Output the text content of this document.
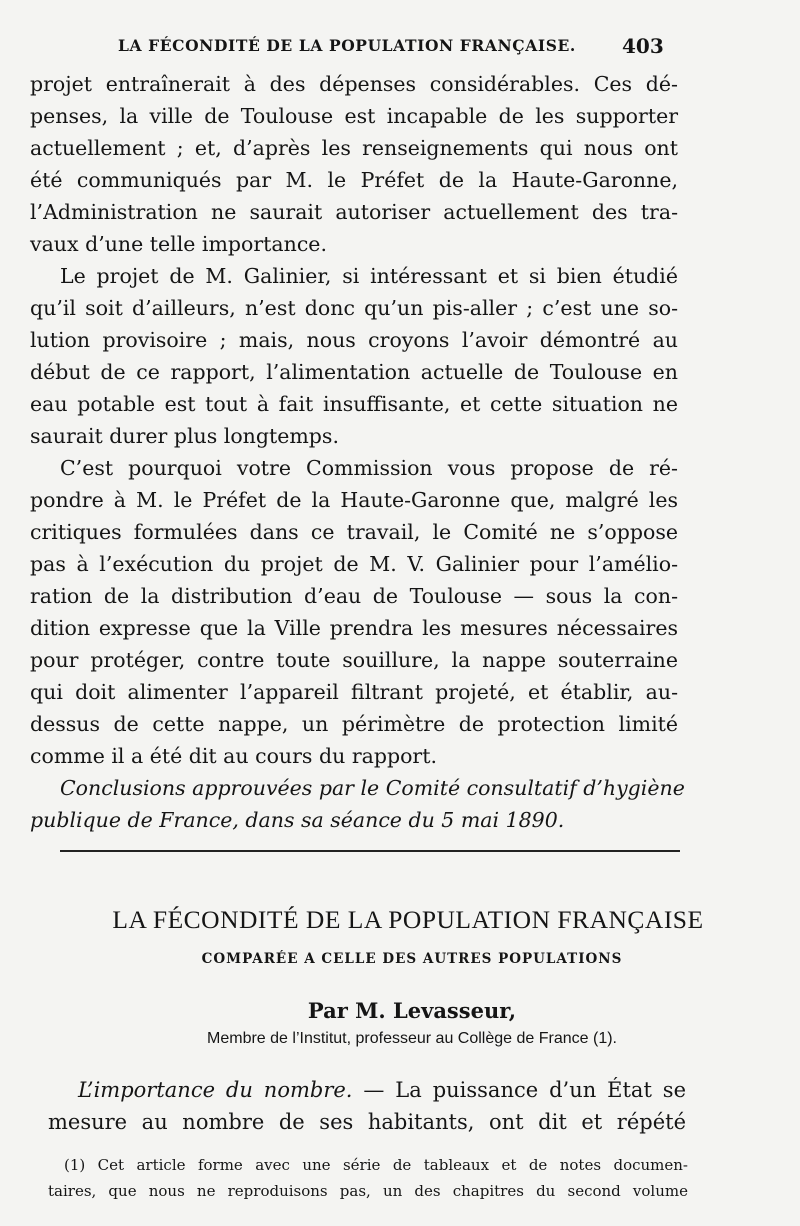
LA FÉCONDITÉ DE LA POPULATION FRANÇAISE.	403
projet entraînerait à des dépenses considérables. Ces dé-
penses, la ville de Toulouse est incapable de les supporter
actuellement ; et, d’après les renseignements qui nous ont
été communiqués par M. le Préfet de la Haute-Garonne,
l’Administration ne saurait autoriser actuellement des tra-
vaux d’une telle importance.
Le projet de M. Galinier, si intéressant et si bien étudié
qu’il soit d’ailleurs, n’est donc qu’un pis-aller ; c’est une so-
lution provisoire ; mais, nous croyons l’avoir démontré au
début de ce rapport, l’alimentation actuelle de Toulouse en
eau potable est tout à fait insuffisante, et cette situation ne
saurait durer plus longtemps.
C’est pourquoi votre Commission vous propose de ré-
pondre à M. le Préfet de la Haute-Garonne que, malgré les
critiques formulées dans ce travail, le Comité ne s’oppose
pas à l’exécution du projet de M. V. Galinier pour l’amélio-
ration de la distribution d’eau de Toulouse — sous la con-
dition expresse que la Ville prendra les mesures nécessaires
pour protéger, contre toute souillure, la nappe souterraine
qui doit alimenter l’appareil filtrant projeté, et établir, au-
dessus de cette nappe, un périmètre de protection limité
comme il a été dit au cours du rapport.
Conclusions approuvées par le Comité consultatif d’hygiène
publique de France, dans sa séance du 5 mai 1890.
LA FÉCONDITÉ DE LA POPULATION FRANÇAISE
COMPARÉE A CELLE DES AUTRES POPULATIONS
Par M. Levasseur,
Membre de l’Institut, professeur au Collège de France (1).
L’importance du nombre. — La puissance d’un État se
mesure au nombre de ses habitants, ont dit et répété
(1) Cet article forme avec une série de tableaux et de notes documen-
taires, que nous ne reproduisons pas, un des chapitres du second volume
